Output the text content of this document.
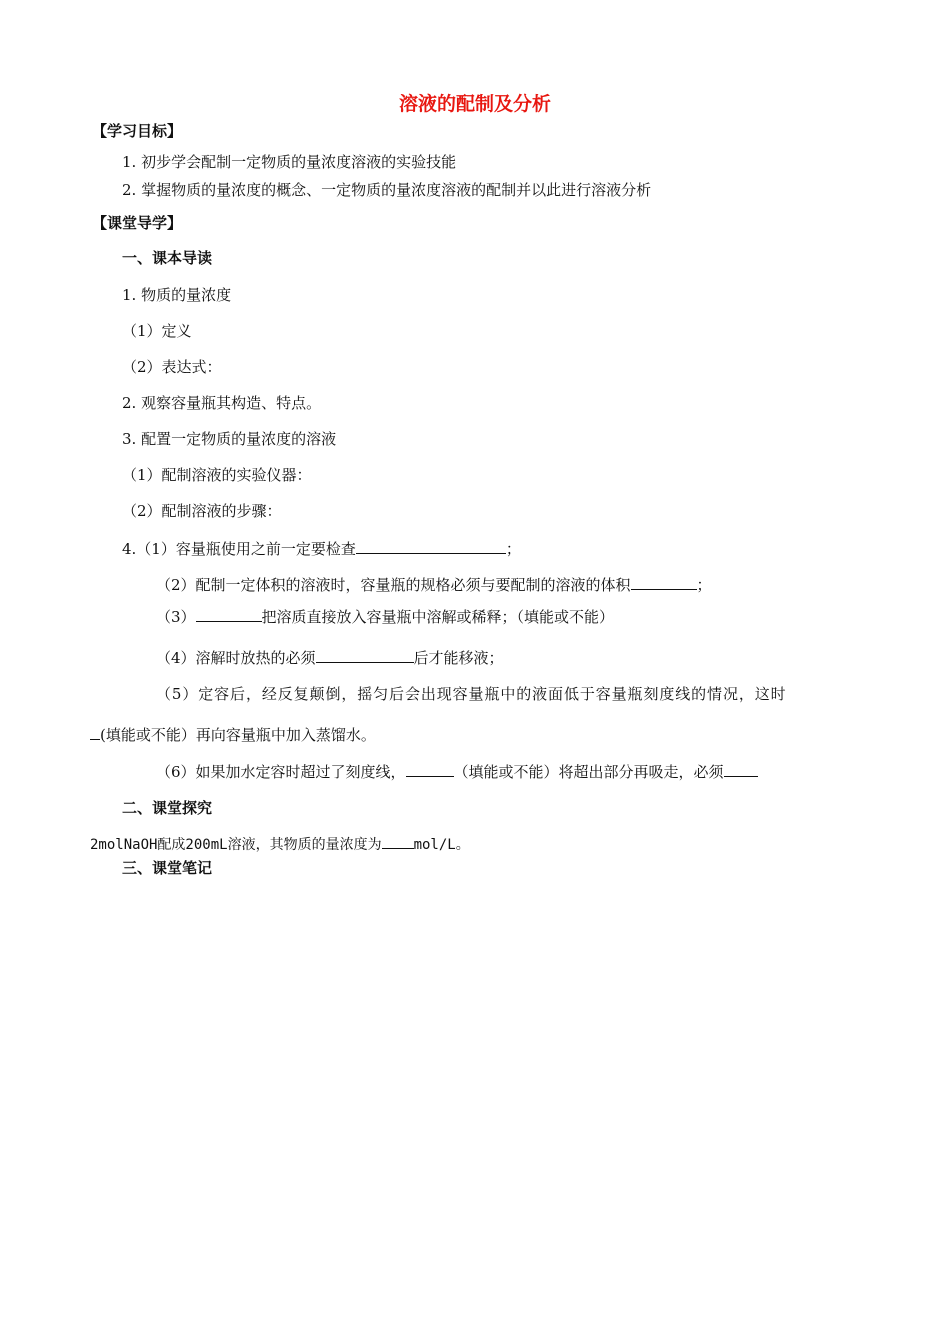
溶液的配制及分析
【学习目标】
1. 初步学会配制一定物质的量浓度溶液的实验技能
2. 掌握物质的量浓度的概念、一定物质的量浓度溶液的配制并以此进行溶液分析
【课堂导学】
一、课本导读
1. 物质的量浓度
（1）定义
（2）表达式：
2. 观察容量瓶其构造、特点。
3. 配置一定物质的量浓度的溶液
（1）配制溶液的实验仪器：
（2）配制溶液的步骤：
4.（1）容量瓶使用之前一定要检查	；
（2）配制一定体积的溶液时，容量瓶的规格必须与要配制的溶液的体积	；
（3）	把溶质直接放入容量瓶中溶解或稀释；（填能或不能）
（4）溶解时放热的必须	后才能移液；
（5）定容后，经反复颠倒，摇匀后会出现容量瓶中的液面低于容量瓶刻度线的情况，这时
(填能或不能）再向容量瓶中加入蒸馏水。
（6）如果加水定容时超过了刻度线，	（填能或不能）将超出部分再吸走，必须
二、课堂探究
2molNaOH配成200mL溶液，其物质的量浓度为 mol/L。
三、课堂笔记
